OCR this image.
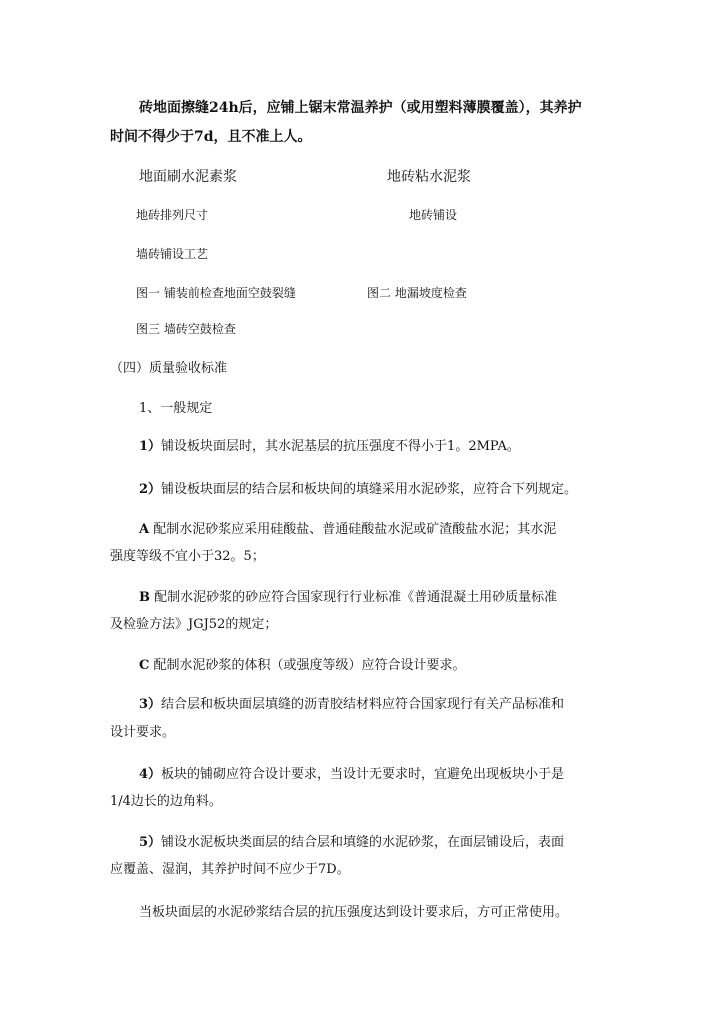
砖地面擦缝24h后，应铺上锯末常温养护（或用塑料薄膜覆盖），其养护
时间不得少于7d，且不准上人。
地面刷水泥素浆	地砖粘水泥浆
地砖排列尺寸	地砖铺设
墙砖铺设工艺
图一 铺装前检查地面空鼓裂缝	图二 地漏坡度检查
图三 墙砖空鼓检查
（四）质量验收标准
1、一般规定
1）铺设板块面层时，其水泥基层的抗压强度不得小于1。2MPA。
2）铺设板块面层的结合层和板块间的填缝采用水泥砂浆，应符合下列规定。
A 配制水泥砂浆应采用硅酸盐、普通硅酸盐水泥或矿渣酸盐水泥；其水泥
强度等级不宜小于32。5；
B 配制水泥砂浆的砂应符合国家现行行业标准《普通混凝土用砂质量标准
及检验方法》JGJ52的规定；
C 配制水泥砂浆的体积（或强度等级）应符合设计要求。
3）结合层和板块面层填缝的沥青胶结材料应符合国家现行有关产品标准和
设计要求。
4）板块的铺砌应符合设计要求，当设计无要求时，宜避免出现板块小于是
1/4边长的边角料。
5）铺设水泥板块类面层的结合层和填缝的水泥砂浆，在面层铺设后，表面
应覆盖、湿润，其养护时间不应少于7D。
当板块面层的水泥砂浆结合层的抗压强度达到设计要求后，方可正常使用。
